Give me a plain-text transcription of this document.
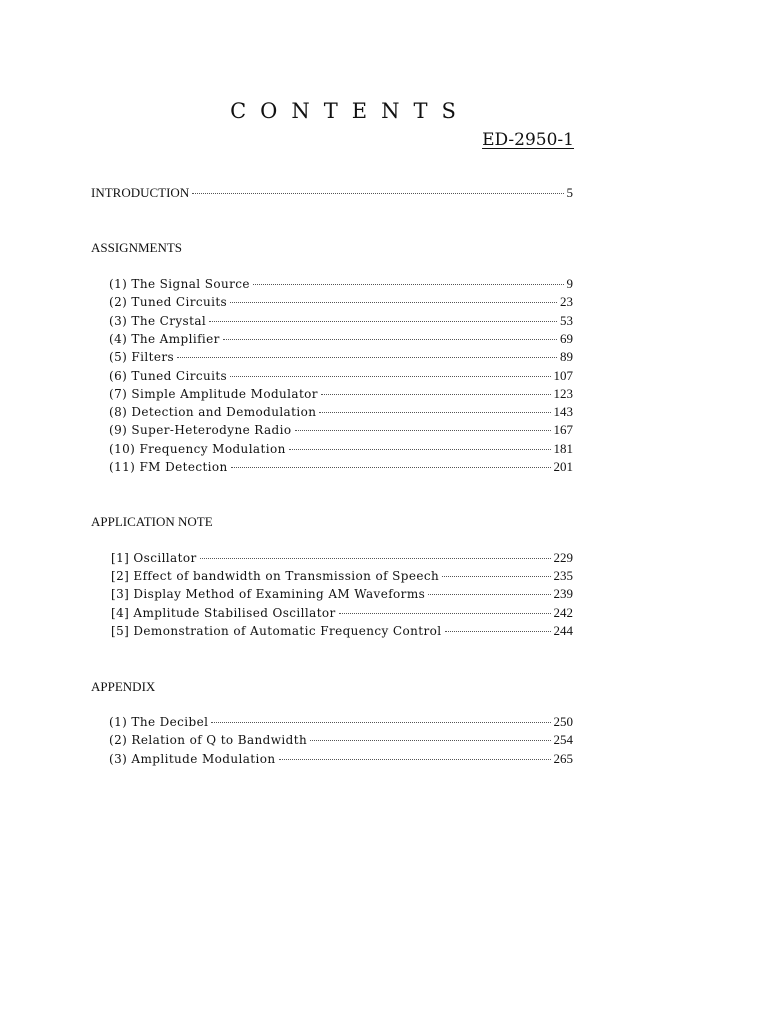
CONTENTS
ED-2950-1
INTRODUCTION	5
ASSIGNMENTS
(1) The Signal Source	9
(2) Tuned Circuits	23
(3) The Crystal	53
(4) The Amplifier	69
(5) Filters	89
(6) Tuned Circuits	107
(7) Simple Amplitude Modulator	123
(8) Detection and Demodulation	143
(9) Super-Heterodyne Radio	167
(10) Frequency Modulation	181
(11) FM Detection	201
APPLICATION NOTE
[1] Oscillator	229
[2] Effect of bandwidth on Transmission of Speech	235
[3] Display Method of Examining AM Waveforms	239
[4] Amplitude Stabilised Oscillator	242
[5] Demonstration of Automatic Frequency Control	244
APPENDIX
(1) The Decibel	250
(2) Relation of Q to Bandwidth	254
(3) Amplitude Modulation	265
